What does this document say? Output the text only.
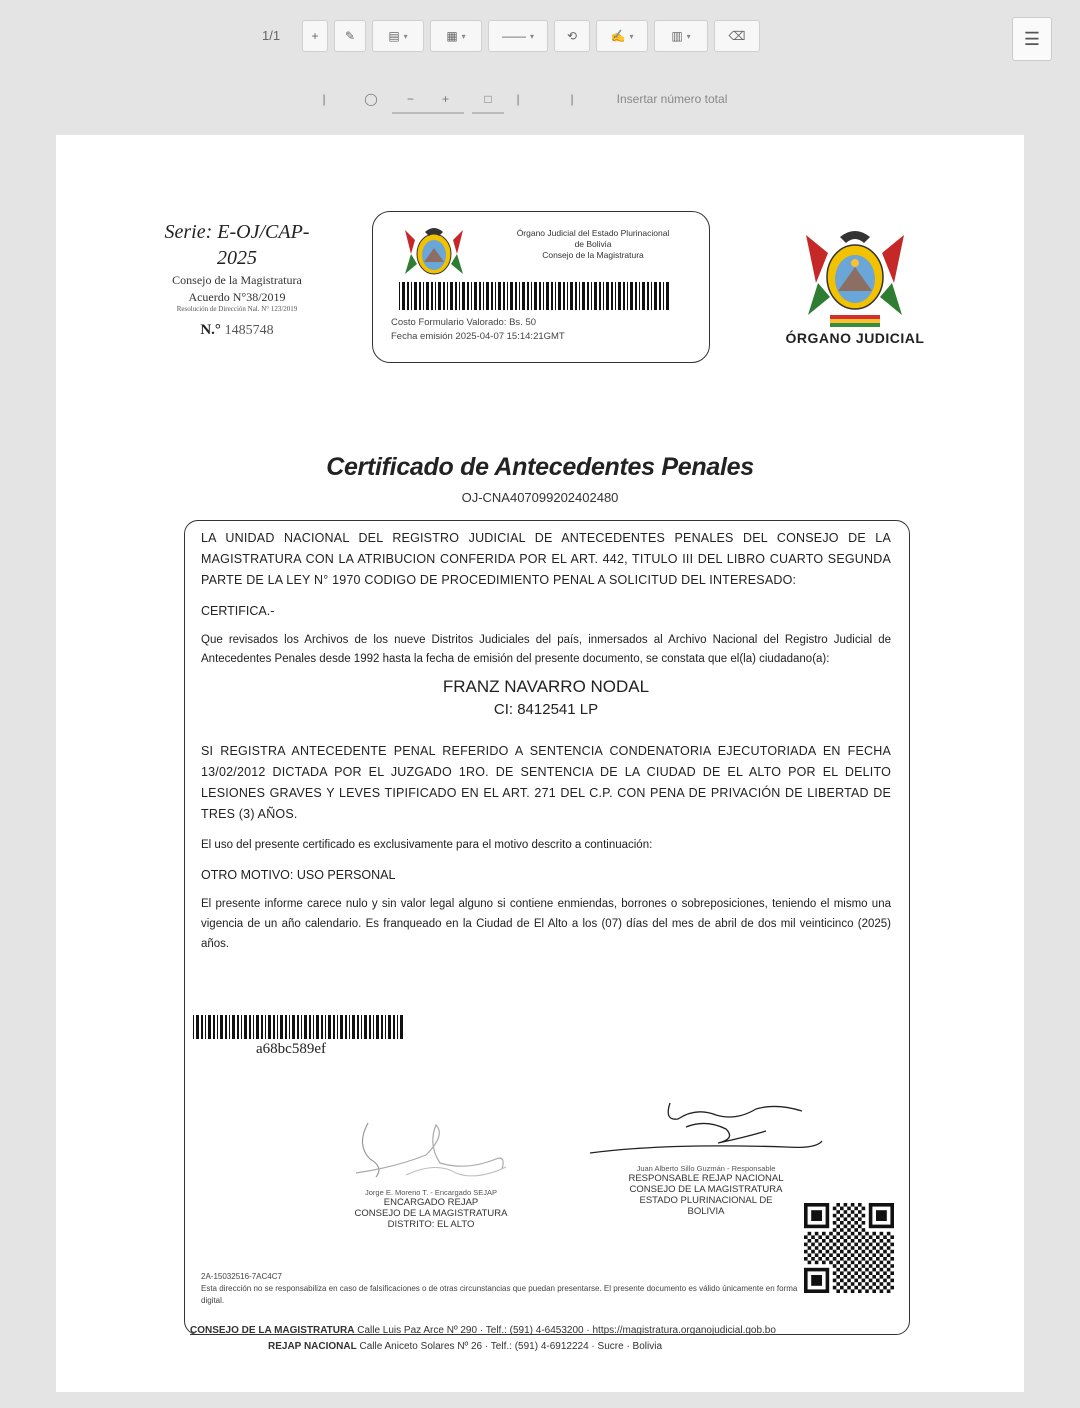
1/1	+ ✎	▤ ▾	▦ ▾	—— ▾	⟲	✍ ▾	▥ ▾	⌫	☰
|	◯	− +	□	|	|	Insertar número total
Serie: E-OJ/CAP-
2025
Consejo de la Magistratura
Acuerdo N°38/2019
Resolución de Dirección Nal. N° 123/2019
N.° 1485748
Órgano Judicial del Estado Plurinacional
de Bolivia
Consejo de la Magistratura
Costo Formulario Valorado: Bs. 50
Fecha emisión 2025-04-07 15:14:21GMT	ÓRGANO JUDICIAL
Certificado de Antecedentes Penales
OJ-CNA407099202402480
LA UNIDAD NACIONAL DEL REGISTRO JUDICIAL DE ANTECEDENTES PENALES DEL CONSEJO DE LA MAGISTRATURA CON LA ATRIBUCION CONFERIDA POR EL ART. 442, TITULO III DEL LIBRO CUARTO SEGUNDA PARTE DE LA LEY N° 1970 CODIGO DE PROCEDIMIENTO PENAL A SOLICITUD DEL INTERESADO:
CERTIFICA.-
Que revisados los Archivos de los nueve Distritos Judiciales del país, inmersados al Archivo Nacional del Registro Judicial de Antecedentes Penales desde 1992 hasta la fecha de emisión del presente documento, se constata que el(la) ciudadano(a):
FRANZ NAVARRO NODAL
CI: 8412541 LP
SI REGISTRA ANTECEDENTE PENAL REFERIDO A SENTENCIA CONDENATORIA EJECUTORIADA EN FECHA 13/02/2012 DICTADA POR EL JUZGADO 1RO. DE SENTENCIA DE LA CIUDAD DE EL ALTO POR EL DELITO LESIONES GRAVES Y LEVES TIPIFICADO EN EL ART. 271 DEL C.P. CON PENA DE PRIVACIÓN DE LIBERTAD DE TRES (3) AÑOS.
El uso del presente certificado es exclusivamente para el motivo descrito a continuación:
OTRO MOTIVO: USO PERSONAL
El presente informe carece nulo y sin valor legal alguno si contiene enmiendas, borrones o sobreposiciones, teniendo el mismo una vigencia de un año calendario. Es franqueado en la Ciudad de El Alto a los (07) días del mes de abril de dos mil veinticinco (2025) años.
a68bc589ef
Jorge E. Moreno T. - Encargado SEJAP
ENCARGADO REJAP
CONSEJO DE LA MAGISTRATURA
DISTRITO: EL ALTO
Juan Alberto Sillo Guzmán - Responsable
RESPONSABLE REJAP NACIONAL
CONSEJO DE LA MAGISTRATURA
ESTADO PLURINACIONAL DE
BOLIVIA
2A-15032516-7AC4C7
Esta dirección no se responsabiliza en caso de falsificaciones o de otras circunstancias que puedan presentarse. El presente documento es válido únicamente en forma digital.
CONSEJO DE LA MAGISTRATURA Calle Luis Paz Arce Nº 290 · Telf.: (591) 4-6453200 · https://magistratura.organojudicial.gob.bo
REJAP NACIONAL Calle Aniceto Solares Nº 26 · Telf.: (591) 4-6912224 · Sucre · Bolivia
